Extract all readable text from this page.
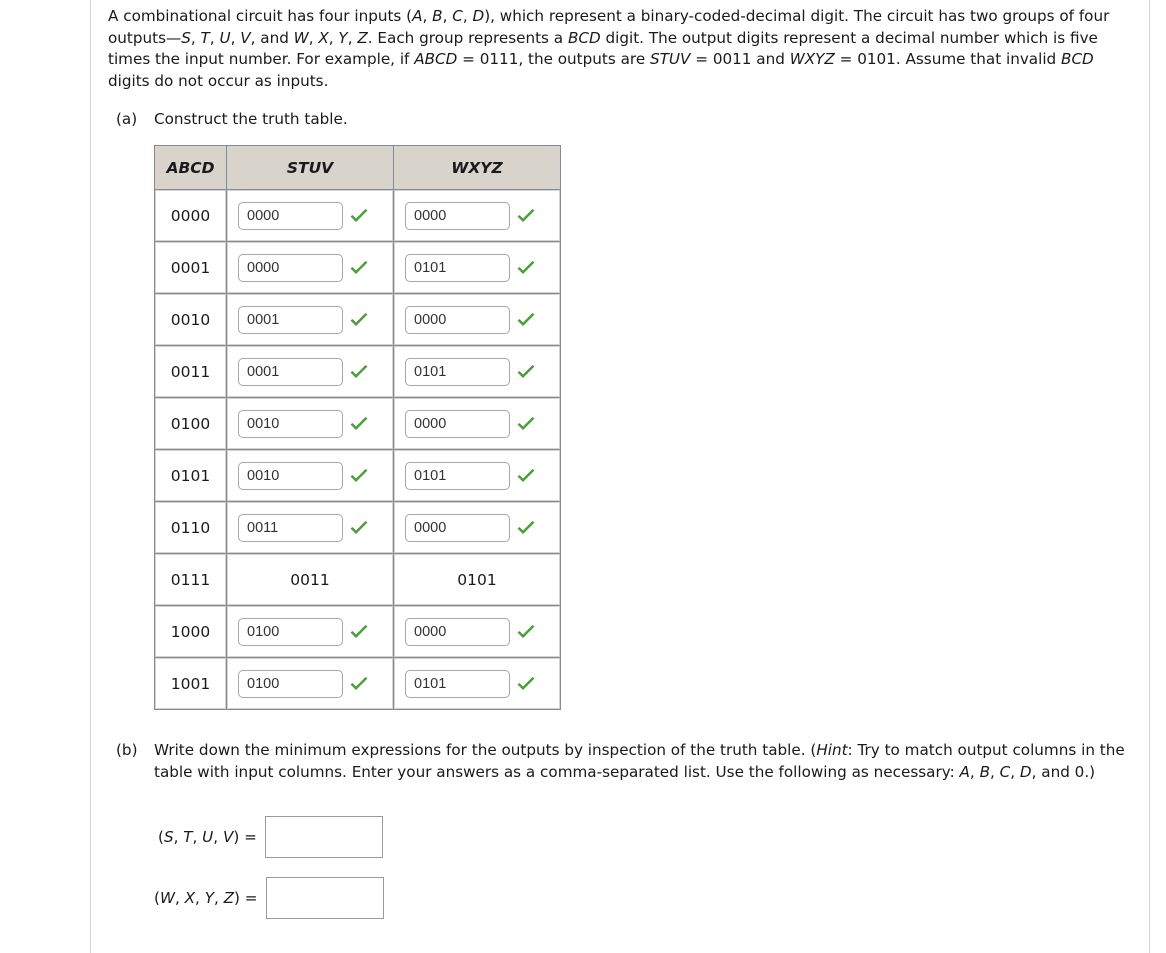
A combinational circuit has four inputs (A, B, C, D), which represent a binary-coded-decimal digit. The circuit has two groups of four outputs—S, T, U, V, and W, X, Y, Z. Each group represents a BCD digit. The output digits represent a decimal number which is five times the input number. For example, if ABCD = 0111, the outputs are STUV = 0011 and WXYZ = 0101. Assume that invalid BCD digits do not occur as inputs.
(a) Construct the truth table.
ABCD	STUV	WXYZ
0000	0000	0000

0001	0000	0101

0010	0001	0000

0011	0001	0101

0100	0010	0000

0101	0010	0101

0110	0011	0000

0111	0011	0101
1000	0100	0000

1001	0100	0101
(b) Write down the minimum expressions for the outputs by inspection of the truth table. (Hint: Try to match output columns in the table with input columns. Enter your answers as a comma-separated list. Use the following as necessary: A, B, C, D, and 0.)
(S, T, U, V) =
(W, X, Y, Z) =
